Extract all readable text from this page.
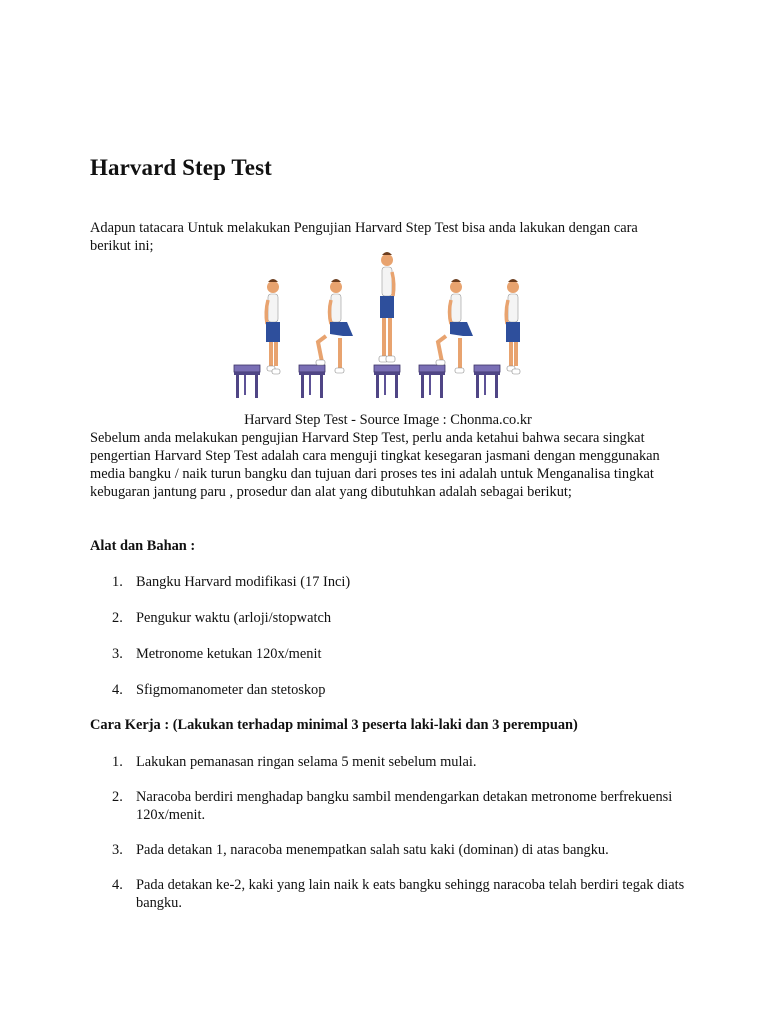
Harvard Step Test

Adapun tatacara Untuk melakukan Pengujian Harvard Step Test bisa anda lakukan dengan cara berikut ini;

Harvard Step Test - Source Image : Chonma.co.kr

Sebelum anda melakukan pengujian Harvard Step Test, perlu anda ketahui bahwa secara singkat pengertian Harvard Step Test adalah cara menguji tingkat kesegaran jasmani dengan menggunakan media bangku / naik turun bangku dan tujuan dari proses tes ini adalah untuk Menganalisa tingkat kebugaran jantung paru , prosedur dan alat yang dibutuhkan adalah sebagai berikut;

Alat dan Bahan :

1. Bangku Harvard modifikasi (17 Inci)
2. Pengukur waktu (arloji/stopwatch
3. Metronome ketukan 120x/menit
4. Sfigmomanometer dan stetoskop

Cara Kerja : (Lakukan terhadap minimal 3 peserta laki-laki dan 3 perempuan)

1. Lakukan pemanasan ringan selama 5 menit sebelum mulai.
2. Naracoba berdiri menghadap bangku sambil mendengarkan detakan metronome berfrekuensi 120x/menit.
3. Pada detakan 1, naracoba menempatkan salah satu kaki (dominan) di atas bangku.
4. Pada detakan ke-2, kaki yang lain naik k eats bangku sehingg naracoba telah berdiri tegak diats bangku.
